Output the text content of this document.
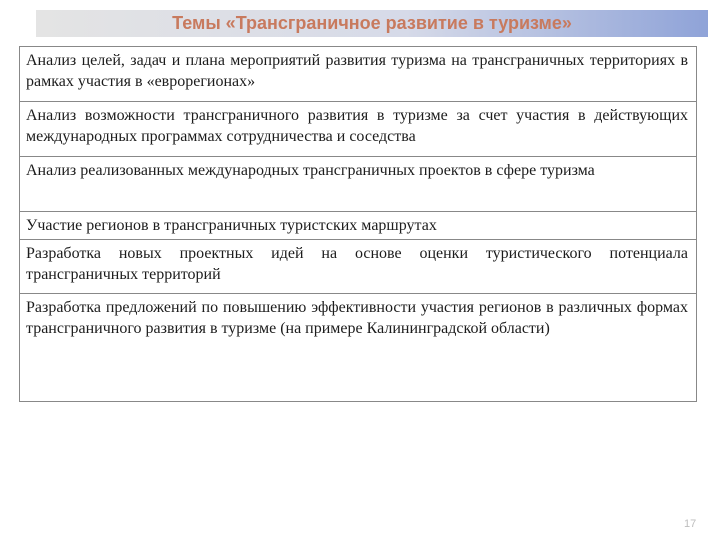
Темы «Трансграничное развитие в туризме»
Анализ целей, задач и плана мероприятий развития туризма на трансграничных территориях в рамках участия в «еврорегионах»
Анализ возможности трансграничного развития в туризме за счет участия в действующих международных программах сотрудничества и соседства
Анализ реализованных международных трансграничных проектов в сфере туризма
Участие регионов в трансграничных туристских маршрутах
Разработка новых проектных идей на основе оценки туристического потенциала трансграничных территорий
Разработка предложений по повышению эффективности участия регионов в различных формах трансграничного развития в туризме (на примере Калининградской области)
17
